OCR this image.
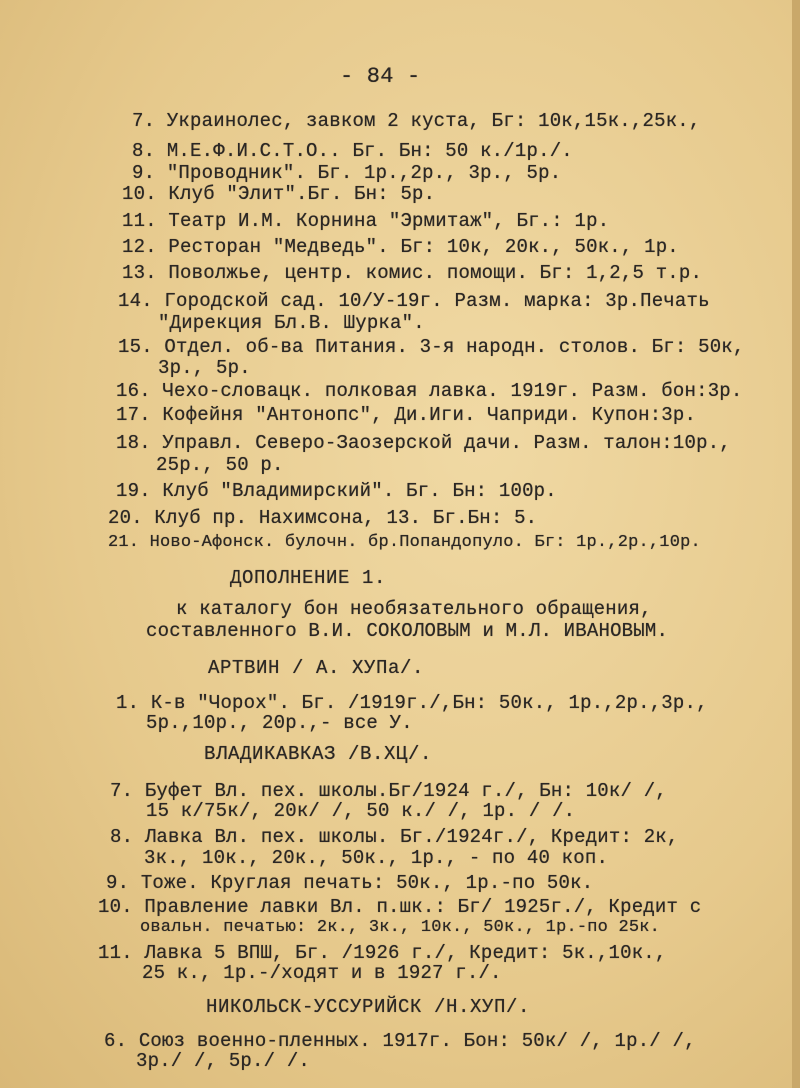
- 84 -
7. Украинолес, завком 2 куста, Бг: 10к,15к.,25к.,
8. М.Е.Ф.И.С.Т.О.. Бг. Бн: 50 к./1р./.
9. "Проводник". Бг. 1р.,2р., 3р., 5р.
10. Клуб "Элит".Бг. Бн: 5р.
11. Театр И.М. Корнина "Эрмитаж", Бг.: 1р.
12. Ресторан "Медведь". Бг: 10к, 20к., 50к., 1р.
13. Поволжье, центр. комис. помощи. Бг: 1,2,5 т.р.
14. Городской сад. 10/У-19г. Разм. марка: 3р.Печать
"Дирекция Бл.В. Шурка".
15. Отдел. об-ва Питания. 3-я народн. столов. Бг: 50к,
3р., 5р.
16. Чехо-словацк. полковая лавка. 1919г. Разм. бон:3р.
17. Кофейня "Антонопс", Ди.Иги. Чаприди. Купон:3р.
18. Управл. Северо-Заозерской дачи. Разм. талон:10р.,
25р., 50 р.
19. Клуб "Владимирский". Бг. Бн: 100р.
20. Клуб пр. Нахимсона, 13. Бг.Бн: 5.
21. Ново-Афонск. булочн. бр.Попандопуло. Бг: 1р.,2р.,10р.
ДОПОЛНЕНИЕ 1.
к каталогу бон необязательного обращения,
составленного В.И. СОКОЛОВЫМ и М.Л. ИВАНОВЫМ.
АРТВИН / А. ХУПа/.
1. К-в "Чорох". Бг. /1919г./,Бн: 50к., 1р.,2р.,3р.,
5р.,10р., 20р.,- все У.
ВЛАДИКАВКАЗ /В.ХЦ/.
7. Буфет Вл. пех. школы.Бг/1924 г./, Бн: 10к/ /,
15 к/75к/, 20к/ /, 50 к./ /, 1р. / /.
8. Лавка Вл. пех. школы. Бг./1924г./, Кредит: 2к,
3к., 10к., 20к., 50к., 1р., - по 40 коп.
9. Тоже. Круглая печать: 50к., 1р.-по 50к.
10. Правление лавки Вл. п.шк.: Бг/ 1925г./, Кредит с
овальн. печатью: 2к., 3к., 10к., 50к., 1р.-по 25к.
11. Лавка 5 ВПШ, Бг. /1926 г./, Кредит: 5к.,10к.,
25 к., 1р.-/ходят и в 1927 г./.
НИКОЛЬСК-УССУРИЙСК /Н.ХУП/.
6. Союз военно-пленных. 1917г. Бон: 50к/ /, 1р./ /,
3р./ /, 5р./ /.
